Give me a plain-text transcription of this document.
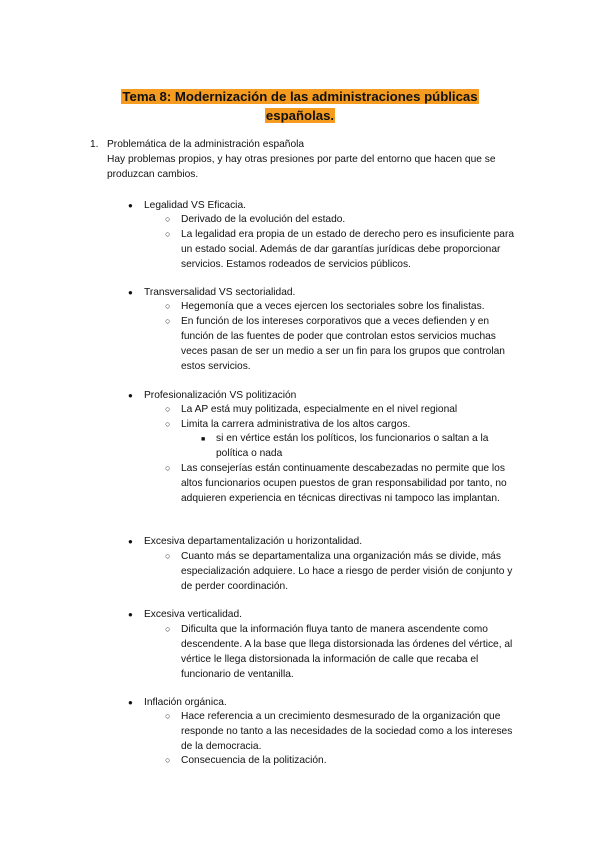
Tema 8: Modernización de las administraciones públicas
españolas.
1. Problemática de la administración española
Hay problemas propios, y hay otras presiones por parte del entorno que hacen que se produzcan cambios.
● Legalidad VS Eficacia.
○ Derivado de la evolución del estado.
○ La legalidad era propia de un estado de derecho pero es insuficiente para un estado social. Además de dar garantías jurídicas debe proporcionar servicios. Estamos rodeados de servicios públicos.
● Transversalidad VS sectorialidad.
○ Hegemonía que a veces ejercen los sectoriales sobre los finalistas.
○ En función de los intereses corporativos que a veces defienden y en función de las fuentes de poder que controlan estos servicios muchas veces pasan de ser un medio a ser un fin para los grupos que controlan estos servicios.
● Profesionalización VS politización
○ La AP está muy politizada, especialmente en el nivel regional
○ Limita la carrera administrativa de los altos cargos.
■ si en vértice están los políticos, los funcionarios o saltan a la política o nada
○ Las consejerías están continuamente descabezadas no permite que los altos funcionarios ocupen puestos de gran responsabilidad por tanto, no adquieren experiencia en técnicas directivas ni tampoco las implantan.
● Excesiva departamentalización u horizontalidad.
○ Cuanto más se departamentaliza una organización más se divide, más especialización adquiere. Lo hace a riesgo de perder visión de conjunto y de perder coordinación.
● Excesiva verticalidad.
○ Dificulta que la información fluya tanto de manera ascendente como descendente. A la base que llega distorsionada las órdenes del vértice, al vértice le llega distorsionada la información de calle que recaba el funcionario de ventanilla.
● Inflación orgánica.
○ Hace referencia a un crecimiento desmesurado de la organización que responde no tanto a las necesidades de la sociedad como a los intereses de la democracia.
○ Consecuencia de la politización.
